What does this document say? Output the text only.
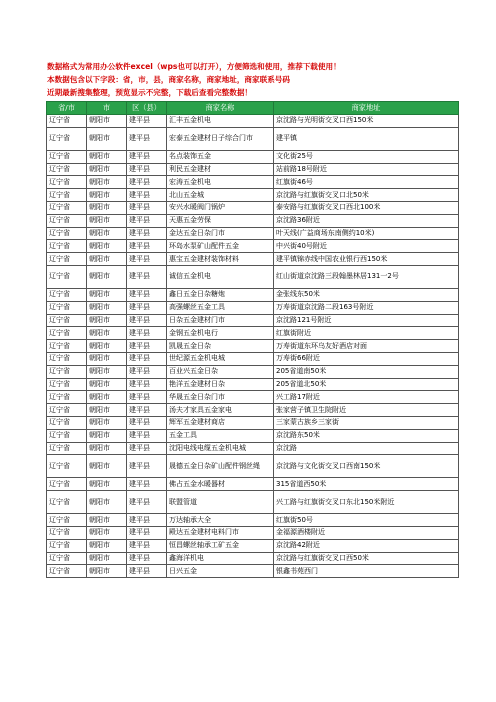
数据格式为常用办公软件excel（wps也可以打开），方便筛选和使用，推荐下载使用！
本数据包含以下字段：省，市，县，商家名称，商家地址，商家联系号码
近期最新搜集整理，预览显示不完整，下载后查看完整数据！
省/市	市	区（县）	商家名称	商家地址
辽宁省	朝阳市	建平县	汇丰五金机电	京沈路与光明街交叉口西150米
辽宁省	朝阳市	建平县	宏泰五金建材日子综合门市	建平镇
辽宁省	朝阳市	建平县	名点装饰五金	文化街25号
辽宁省	朝阳市	建平县	利民五金建材	站前路18号附近
辽宁省	朝阳市	建平县	宏涛五金机电	红旗街46号
辽宁省	朝阳市	建平县	北山五金城	京沈路与红旗街交叉口北50米
辽宁省	朝阳市	建平县	安兴水暖阀门锅炉	泰安路与红旗街交叉口西北100米
辽宁省	朝阳市	建平县	天惠五金劳保	京沈路36附近
辽宁省	朝阳市	建平县	金达五金日杂门市	叶天线(广益商场东南侧约10米)
辽宁省	朝阳市	建平县	环岛水泵矿山配件五金	中兴街40号附近
辽宁省	朝阳市	建平县	惠宝五金建材装饰材料	建平镇锦赤线中国农业银行西150米
辽宁省	朝阳市	建平县	诚信五金机电	红山街道京沈路三段翰墨林居131一2号
辽宁省	朝阳市	建平县	鑫日五金日杂糖炮	金张线东50米
辽宁省	朝阳市	建平县	高强螺丝五金工具	万寿街道京沈路二段163号附近
辽宁省	朝阳市	建平县	日杂五金建材门市	京沈路121号附近
辽宁省	朝阳市	建平县	金钢五金机电行	红旗街附近
辽宁省	朝阳市	建平县	凯晟五金日杂	万寿街道东环乌友好酒店对面
辽宁省	朝阳市	建平县	世纪源五金机电城	万寿街66附近
辽宁省	朝阳市	建平县	百业兴五金日杂	205省道南50米
辽宁省	朝阳市	建平县	艳洋五金建材日杂	205省道北50米
辽宁省	朝阳市	建平县	华晟五金日杂门市	兴工路17附近
辽宁省	朝阳市	建平县	汤夫才家具五金家电	张家营子镇卫生院附近
辽宁省	朝阳市	建平县	辉军五金建材商店	三家蒙古族乡三家街
辽宁省	朝阳市	建平县	五金工具	京沈路东50米
辽宁省	朝阳市	建平县	沈阳电线电缆五金机电城	京沈路
辽宁省	朝阳市	建平县	晟德五金日杂矿山配件钢丝绳	京沈路与文化街交叉口西南150米
辽宁省	朝阳市	建平县	佛占五金水暖器材	315省道西50米
辽宁省	朝阳市	建平县	联盟管道	兴工路与红旗街交叉口东北150米附近
辽宁省	朝阳市	建平县	万达轴承大全	红旗街50号
辽宁省	朝阳市	建平县	殿达五金建材电料门市	金福源酒楼附近
辽宁省	朝阳市	建平县	恒昌螺丝轴承工矿五金	京沈路42附近
辽宁省	朝阳市	建平县	鑫海洋机电	京沈路与红旗街交叉口西50米
辽宁省	朝阳市	建平县	日兴五金	银鑫书苑西门
